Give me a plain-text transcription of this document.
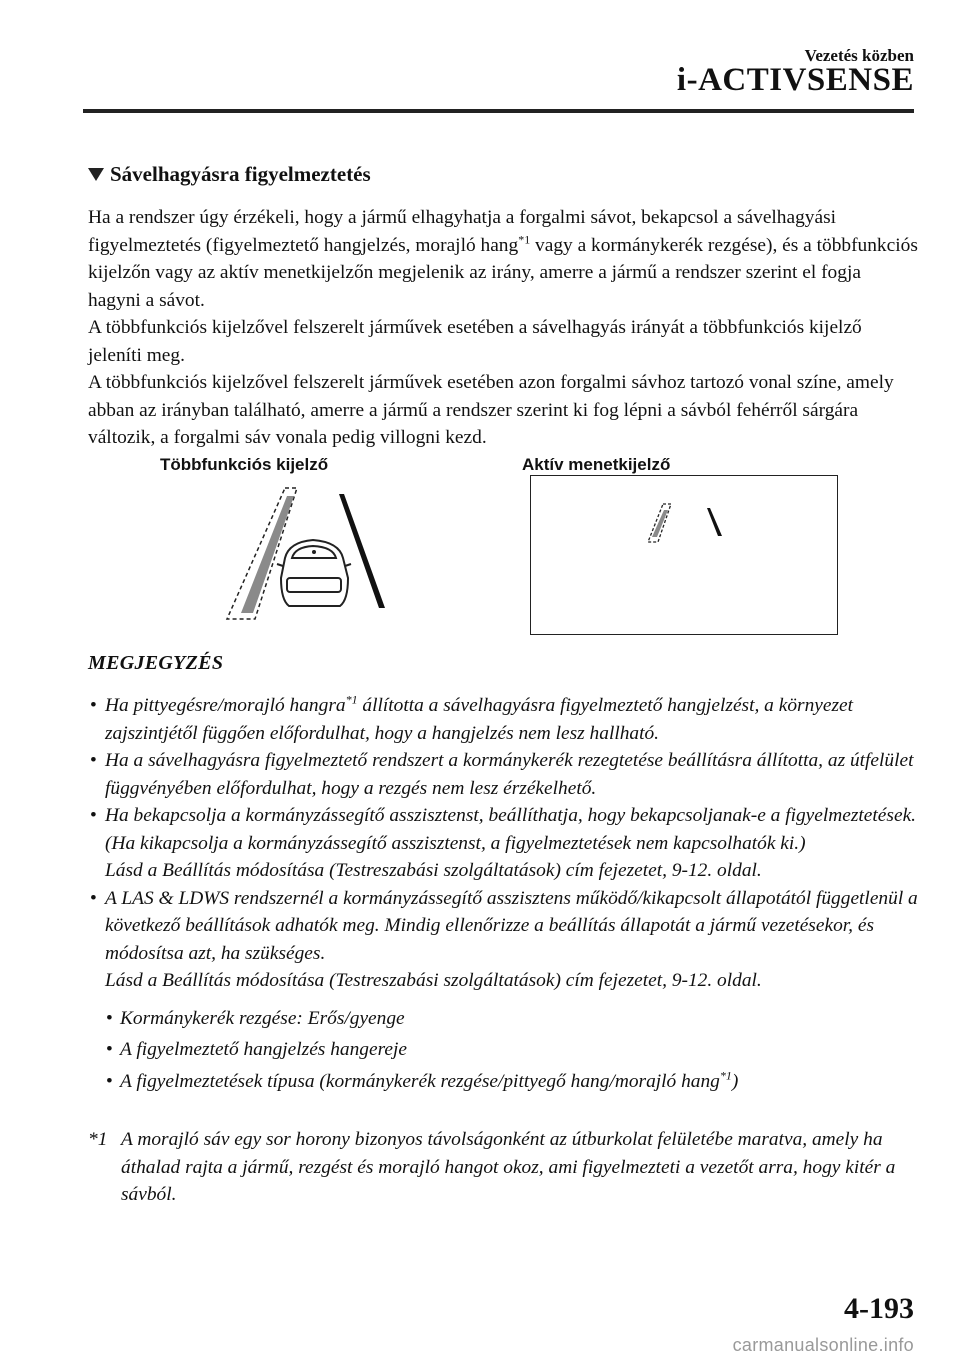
Vezetés közben
i-ACTIVSENSE
Sávelhagyásra figyelmeztetés

Ha a rendszer úgy érzékeli, hogy a jármű elhagyhatja a forgalmi sávot, bekapcsol a sávelhagyási figyelmeztetés (figyelmeztető hangjelzés, morajló hang$^{*1}$ vagy a kormánykerék rezgése), és a többfunkciós kijelzőn vagy az aktív menetkijelzőn megjelenik az irány, amerre a jármű a rendszer szerint el fogja hagyni a sávot.

A többfunkciós kijelzővel felszerelt járművek esetében a sávelhagyás irányát a többfunkciós kijelző jeleníti meg.

A többfunkciós kijelzővel felszerelt járművek esetében azon forgalmi sávhoz tartozó vonal színe, amely abban az irányban található, amerre a jármű a rendszer szerint ki fog lépni a sávból fehérről sárgára változik, a forgalmi sáv vonala pedig villogni kezd.

Többfunkciós kijelző	Aktív menetkijelző
MEGJEGYZÉS

• Ha pittyegésre/morajló hangra$^{*1}$ állította a sávelhagyásra figyelmeztető hangjelzést, a környezet zajszintjétől függően előfordulhat, hogy a hangjelzés nem lesz hallható.

• Ha a sávelhagyásra figyelmeztető rendszert a kormánykerék rezegtetése beállításra állította, az útfelület függvényében előfordulhat, hogy a rezgés nem lesz érzékelhető.

• Ha bekapcsolja a kormányzássegítő asszisztenst, beállíthatja, hogy bekapcsoljanak-e a figyelmeztetések. (Ha kikapcsolja a kormányzássegítő asszisztenst, a figyelmeztetések nem kapcsolhatók ki.)
Lásd a Beállítás módosítása (Testreszabási szolgáltatások) cím fejezetet, 9-12. oldal.

• A LAS & LDWS rendszernél a kormányzássegítő asszisztens működő/kikapcsolt állapotától függetlenül a következő beállítások adhatók meg. Mindig ellenőrizze a beállítás állapotát a jármű vezetésekor, és módosítsa azt, ha szükséges.
Lásd a Beállítás módosítása (Testreszabási szolgáltatások) cím fejezetet, 9-12. oldal.

• Kormánykerék rezgése: Erős/gyenge

• A figyelmeztető hangjelzés hangereje

• A figyelmeztetések típusa (kormánykerék rezgése/pittyegő hang/morajló hang$^{*1}$)

*1 A morajló sáv egy sor horony bizonyos távolságonként az útburkolat felületébe maratva, amely ha áthalad rajta a jármű, rezgést és morajló hangot okoz, ami figyelmezteti a vezetőt arra, hogy kitér a sávból.
4-193
carmanualsonline.info
